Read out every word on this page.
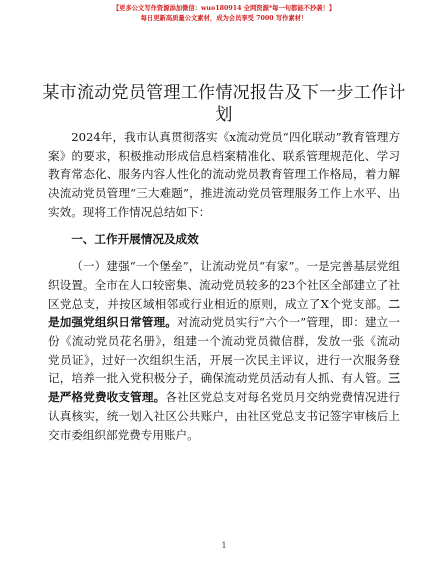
【更多公文写作资源添加微信：wuo180914 全网资源*每一句都能不抄袭！】
每日更新高质量公文素材，成为会员享受 7000 写作素材！
某市流动党员管理工作情况报告及下一步工作计划

2024年，我市认真贯彻落实《x流动党员“四化联动”教育管理方案》的要求，积极推动形成信息档案精准化、联系管理规范化、学习教育常态化、服务内容人性化的流动党员教育管理工作格局，着力解决流动党员管理“三大难题”，推进流动党员管理服务工作上水平、出实效。现将工作情况总结如下：

一、工作开展情况及成效

（一）建强“一个堡垒”，让流动党员“有家”。一是完善基层党组织设置。全市在人口较密集、流动党员较多的23个社区全部建立了社区党总支，并按区域相邻或行业相近的原则，成立了X个党支部。二是加强党组织日常管理。对流动党员实行“六个一”管理，即：建立一份《流动党员花名册》，组建一个流动党员微信群，发放一张《流动党员证》，过好一次组织生活，开展一次民主评议，进行一次服务登记，培养一批入党积极分子，确保流动党员活动有人抓、有人管。三是严格党费收支管理。各社区党总支对每名党员月交纳党费情况进行认真核实，统一划入社区公共账户，由社区党总支书记签字审核后上交市委组织部党费专用账户。

1
